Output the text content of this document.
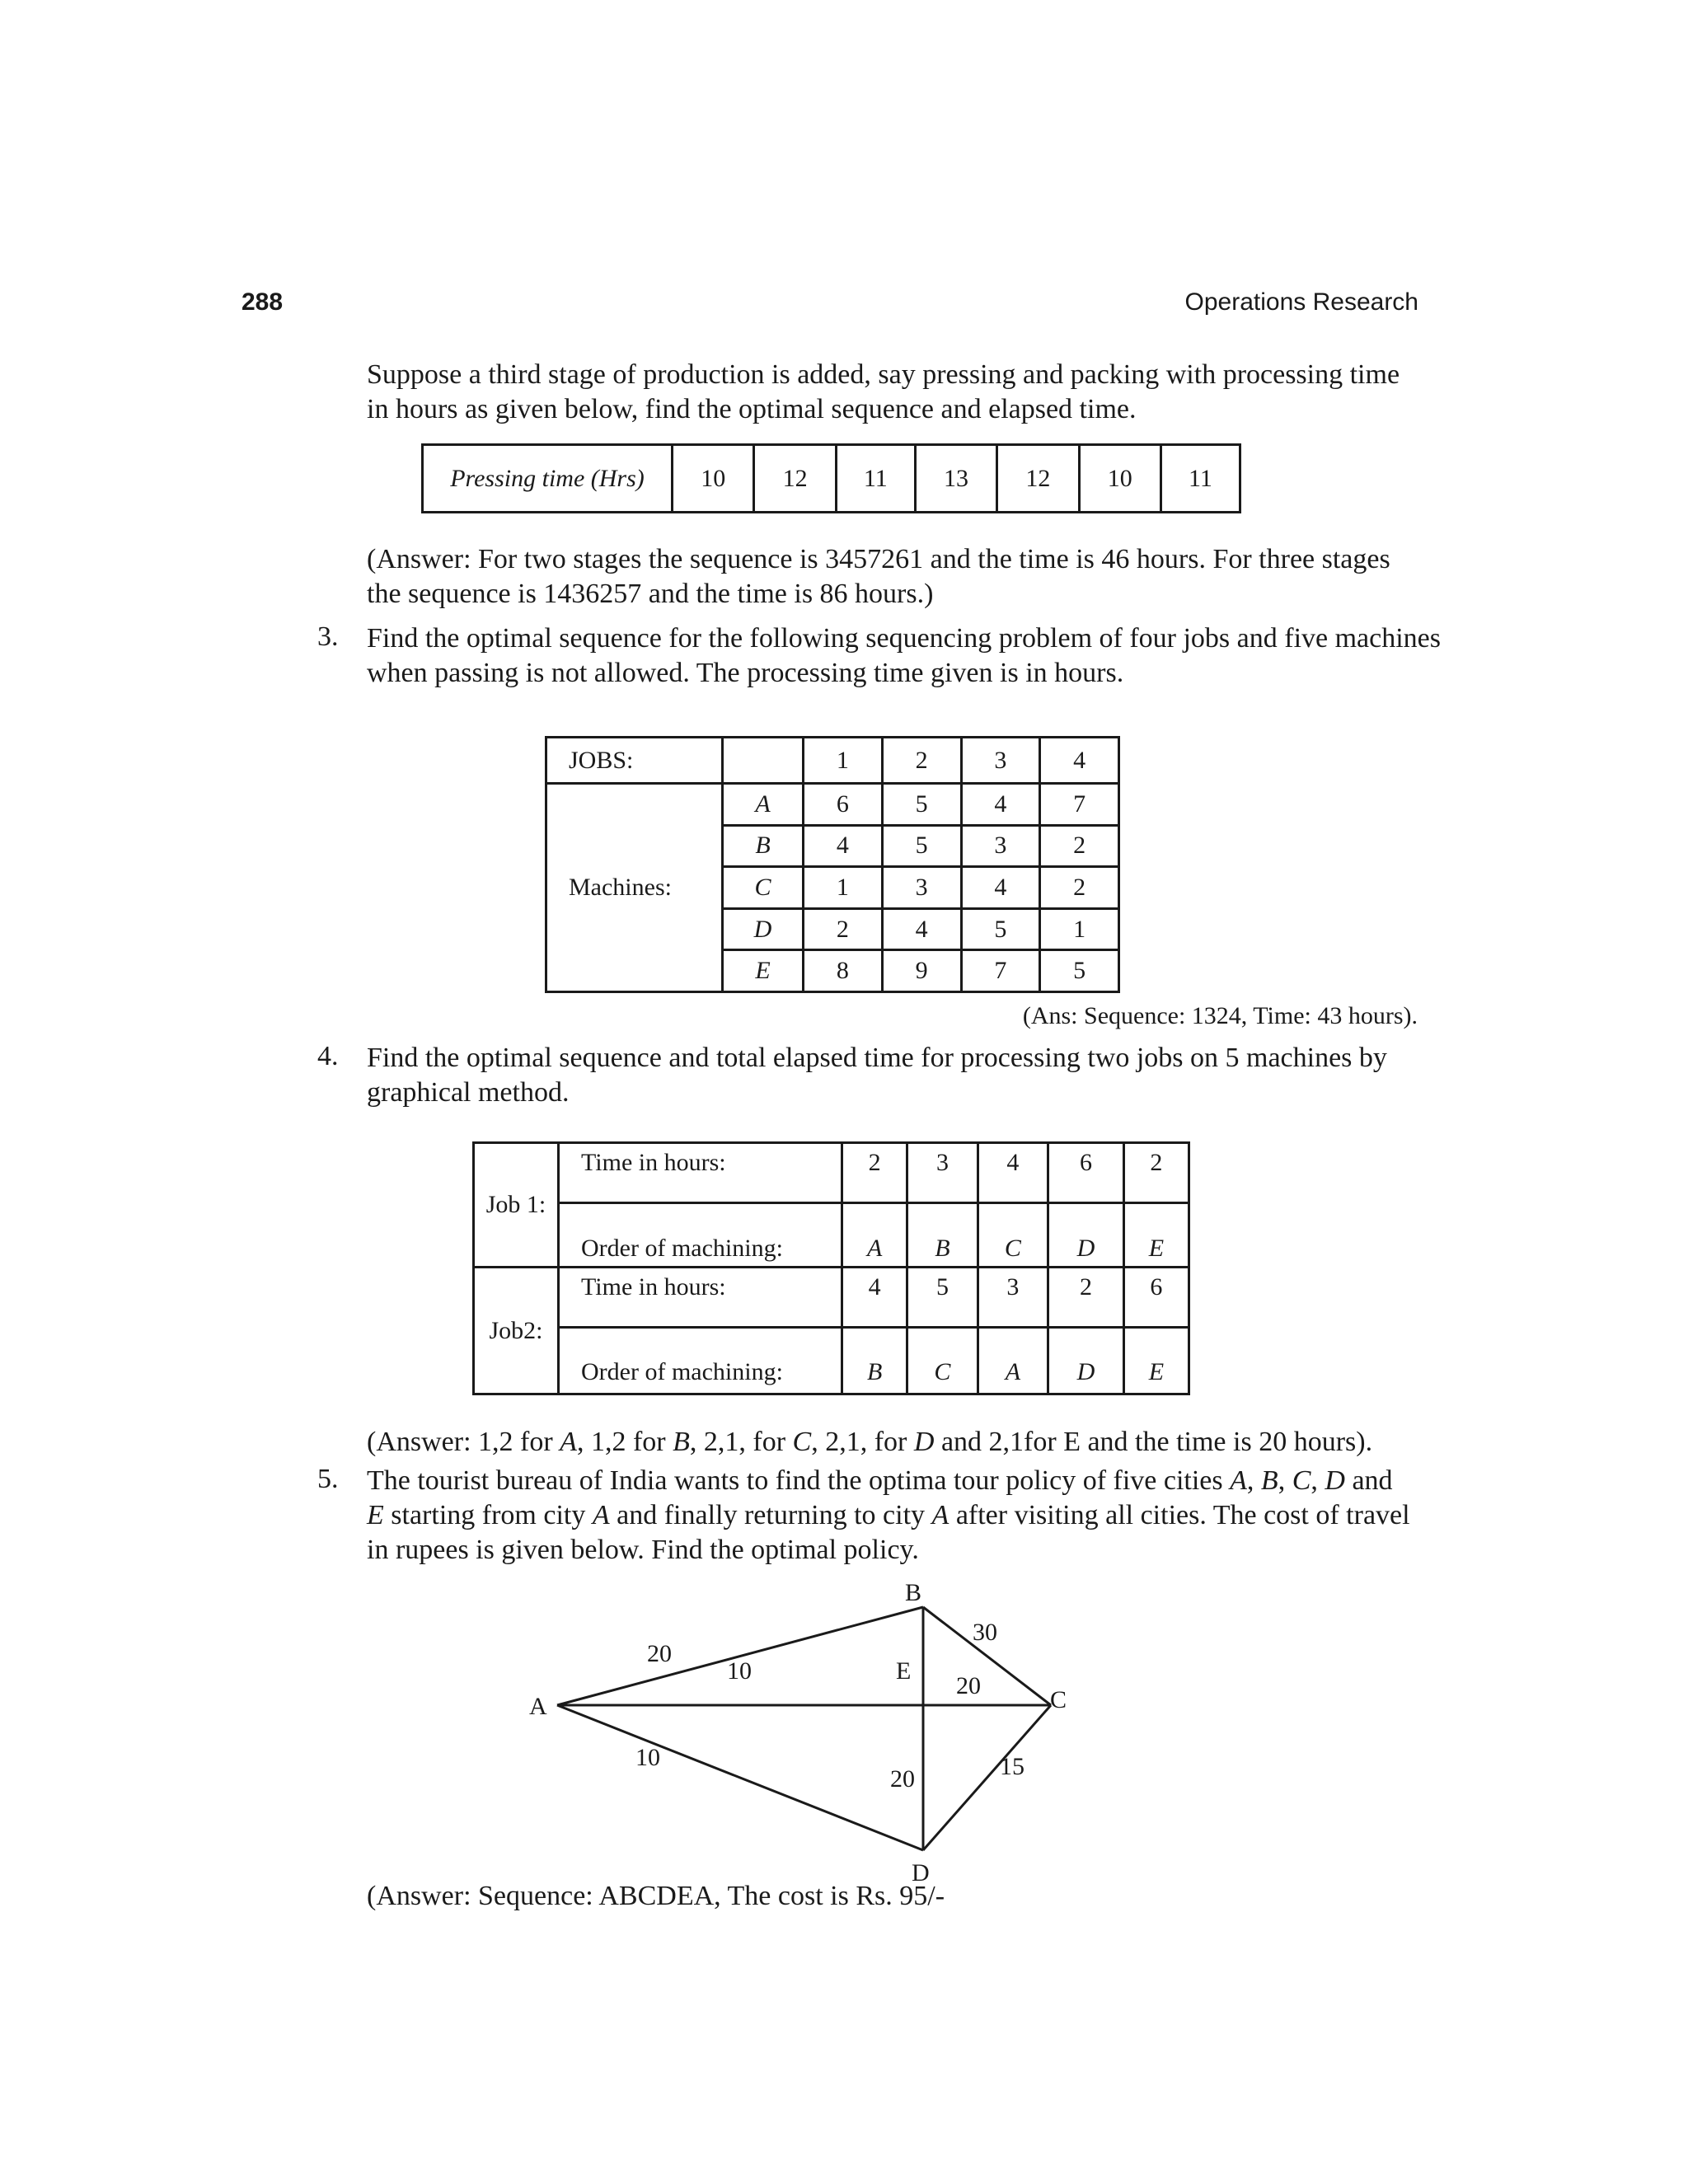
288	Operations Research
Suppose a third stage of production is added, say pressing and packing with processing time
in hours as given below, find the optimal sequence and elapsed time.
Pressing time (Hrs)	10	12	11	13	12	10	11
(Answer: For two stages the sequence is 3457261 and the time is 46 hours. For three stages
the sequence is 1436257 and the time is 86 hours.)
3. Find the optimal sequence for the following sequencing problem of four jobs and five machines
when passing is not allowed. The processing time given is in hours.
JOBS:		1	2	3	4
Machines:	A	6	5	4	7
	B	4	5	3	2
	C	1	3	4	2
	D	2	4	5	1
	E	8	9	7	5
(Ans: Sequence: 1324, Time: 43 hours).
4. Find the optimal sequence and total elapsed time for processing two jobs on 5 machines by
graphical method.
Job 1:	Time in hours:	2	3	4	6	2
	Order of machining:	A	B	C	D	E
Job2:	Time in hours:	4	5	3	2	6
	Order of machining:	B	C	A	D	E
(Answer: 1,2 for A, 1,2 for B, 2,1, for C, 2,1, for D and 2,1for E and the time is 20 hours).
5. The tourist bureau of India wants to find the optima tour policy of five cities A, B, C, D and
E starting from city A and finally returning to city A after visiting all cities. The cost of travel
in rupees is given below. Find the optimal policy.
A
B
C
D
E
20
10
10
30
20
20	15
(Answer: Sequence: ABCDEA, The cost is Rs. 95/-
